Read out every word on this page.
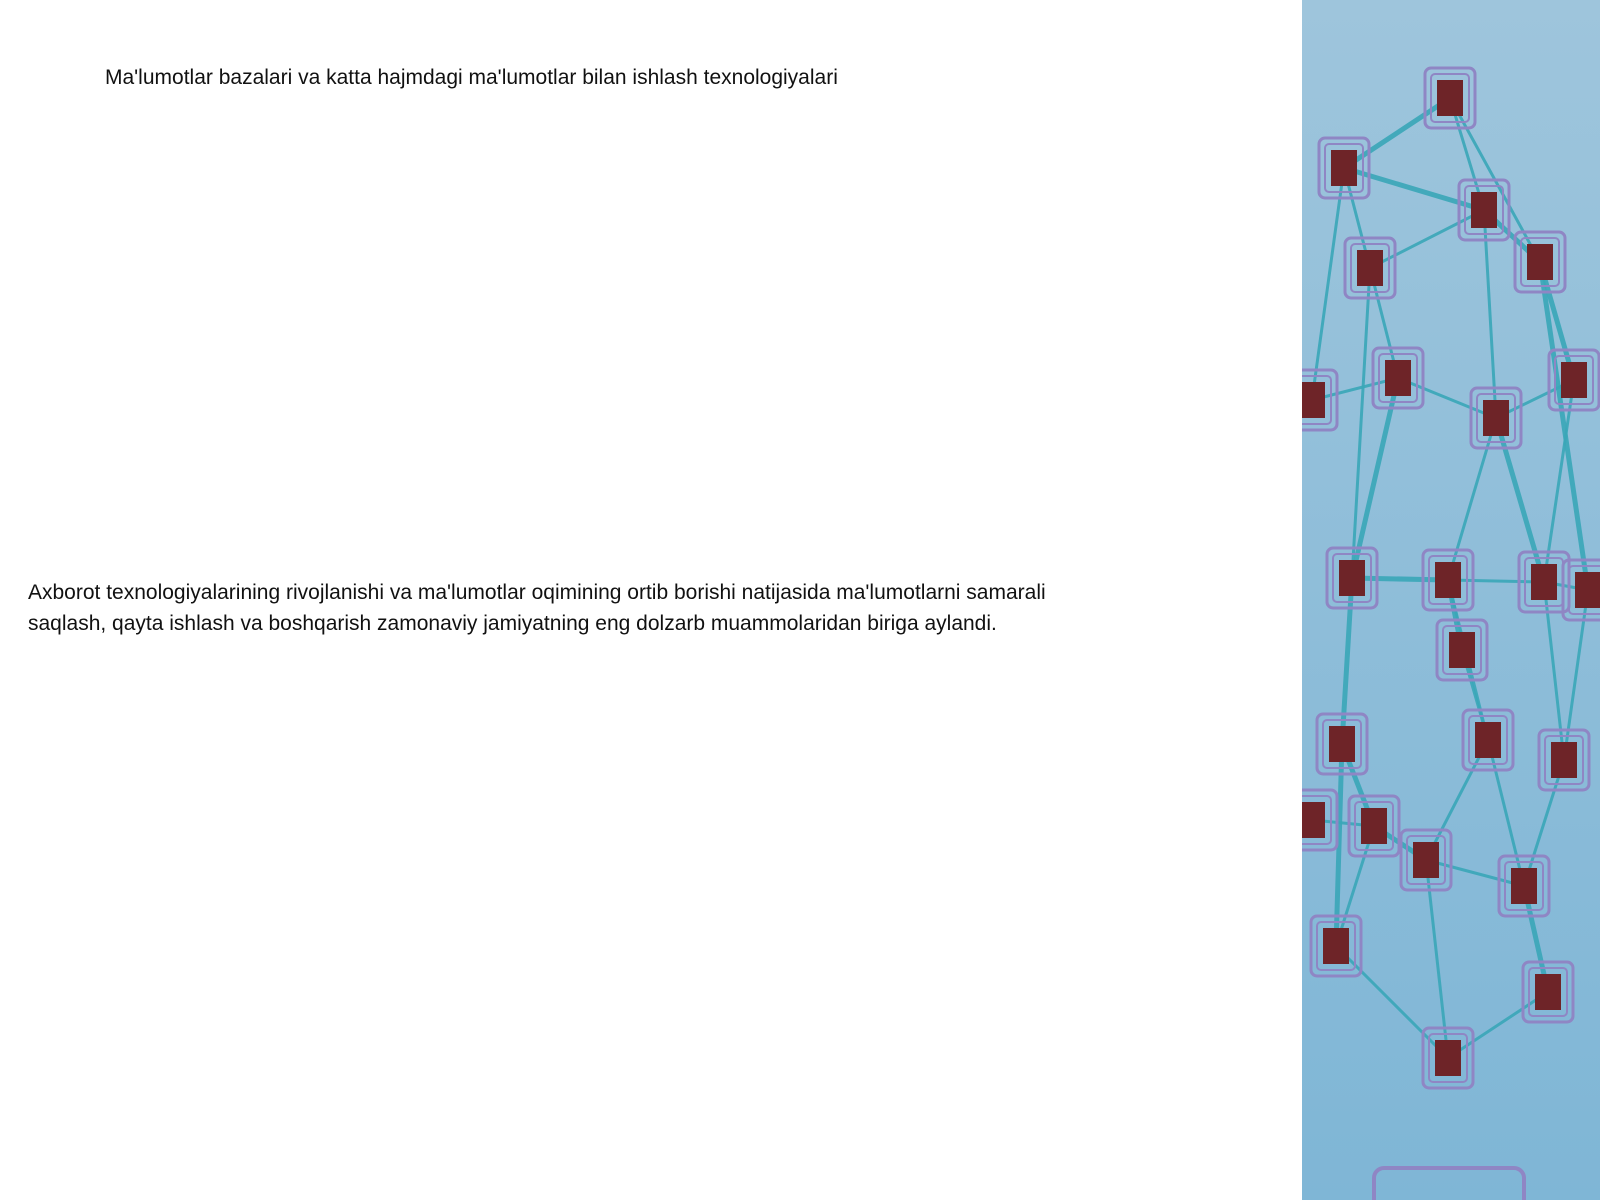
Ma'lumotlar bazalari va katta hajmdagi ma'lumotlar bilan ishlash texnologiyalari
Axborot texnologiyalarining rivojlanishi va ma'lumotlar oqimining ortib borishi natijasida ma'lumotlarni samarali saqlash, qayta ishlash va boshqarish zamonaviy jamiyatning eng dolzarb muammolaridan biriga aylandi.
